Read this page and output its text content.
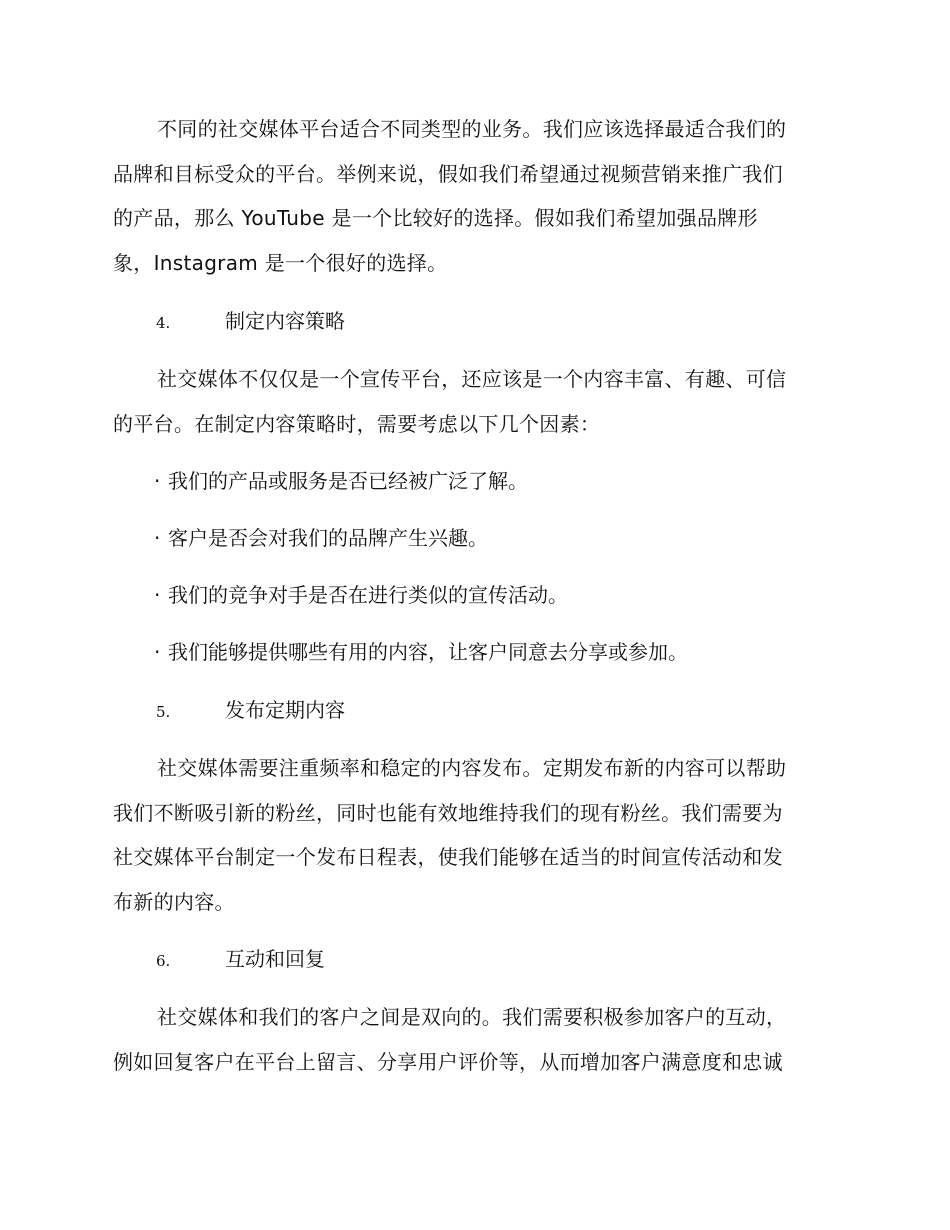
不同的社交媒体平台适合不同类型的业务。我们应该选择最适合我们的
品牌和目标受众的平台。举例来说，假如我们希望通过视频营销来推广我们
的产品，那么 YouTube 是一个比较好的选择。假如我们希望加强品牌形
象，Instagram 是一个很好的选择。
4.	制定内容策略
社交媒体不仅仅是一个宣传平台，还应该是一个内容丰富、有趣、可信
的平台。在制定内容策略时，需要考虑以下几个因素：
· 我们的产品或服务是否已经被广泛了解。
· 客户是否会对我们的品牌产生兴趣。
· 我们的竞争对手是否在进行类似的宣传活动。
· 我们能够提供哪些有用的内容，让客户同意去分享或参加。
5.	发布定期内容
社交媒体需要注重频率和稳定的内容发布。定期发布新的内容可以帮助
我们不断吸引新的粉丝，同时也能有效地维持我们的现有粉丝。我们需要为
社交媒体平台制定一个发布日程表，使我们能够在适当的时间宣传活动和发
布新的内容。
6.	互动和回复
社交媒体和我们的客户之间是双向的。我们需要积极参加客户的互动，
例如回复客户在平台上留言、分享用户评价等，从而增加客户满意度和忠诚
